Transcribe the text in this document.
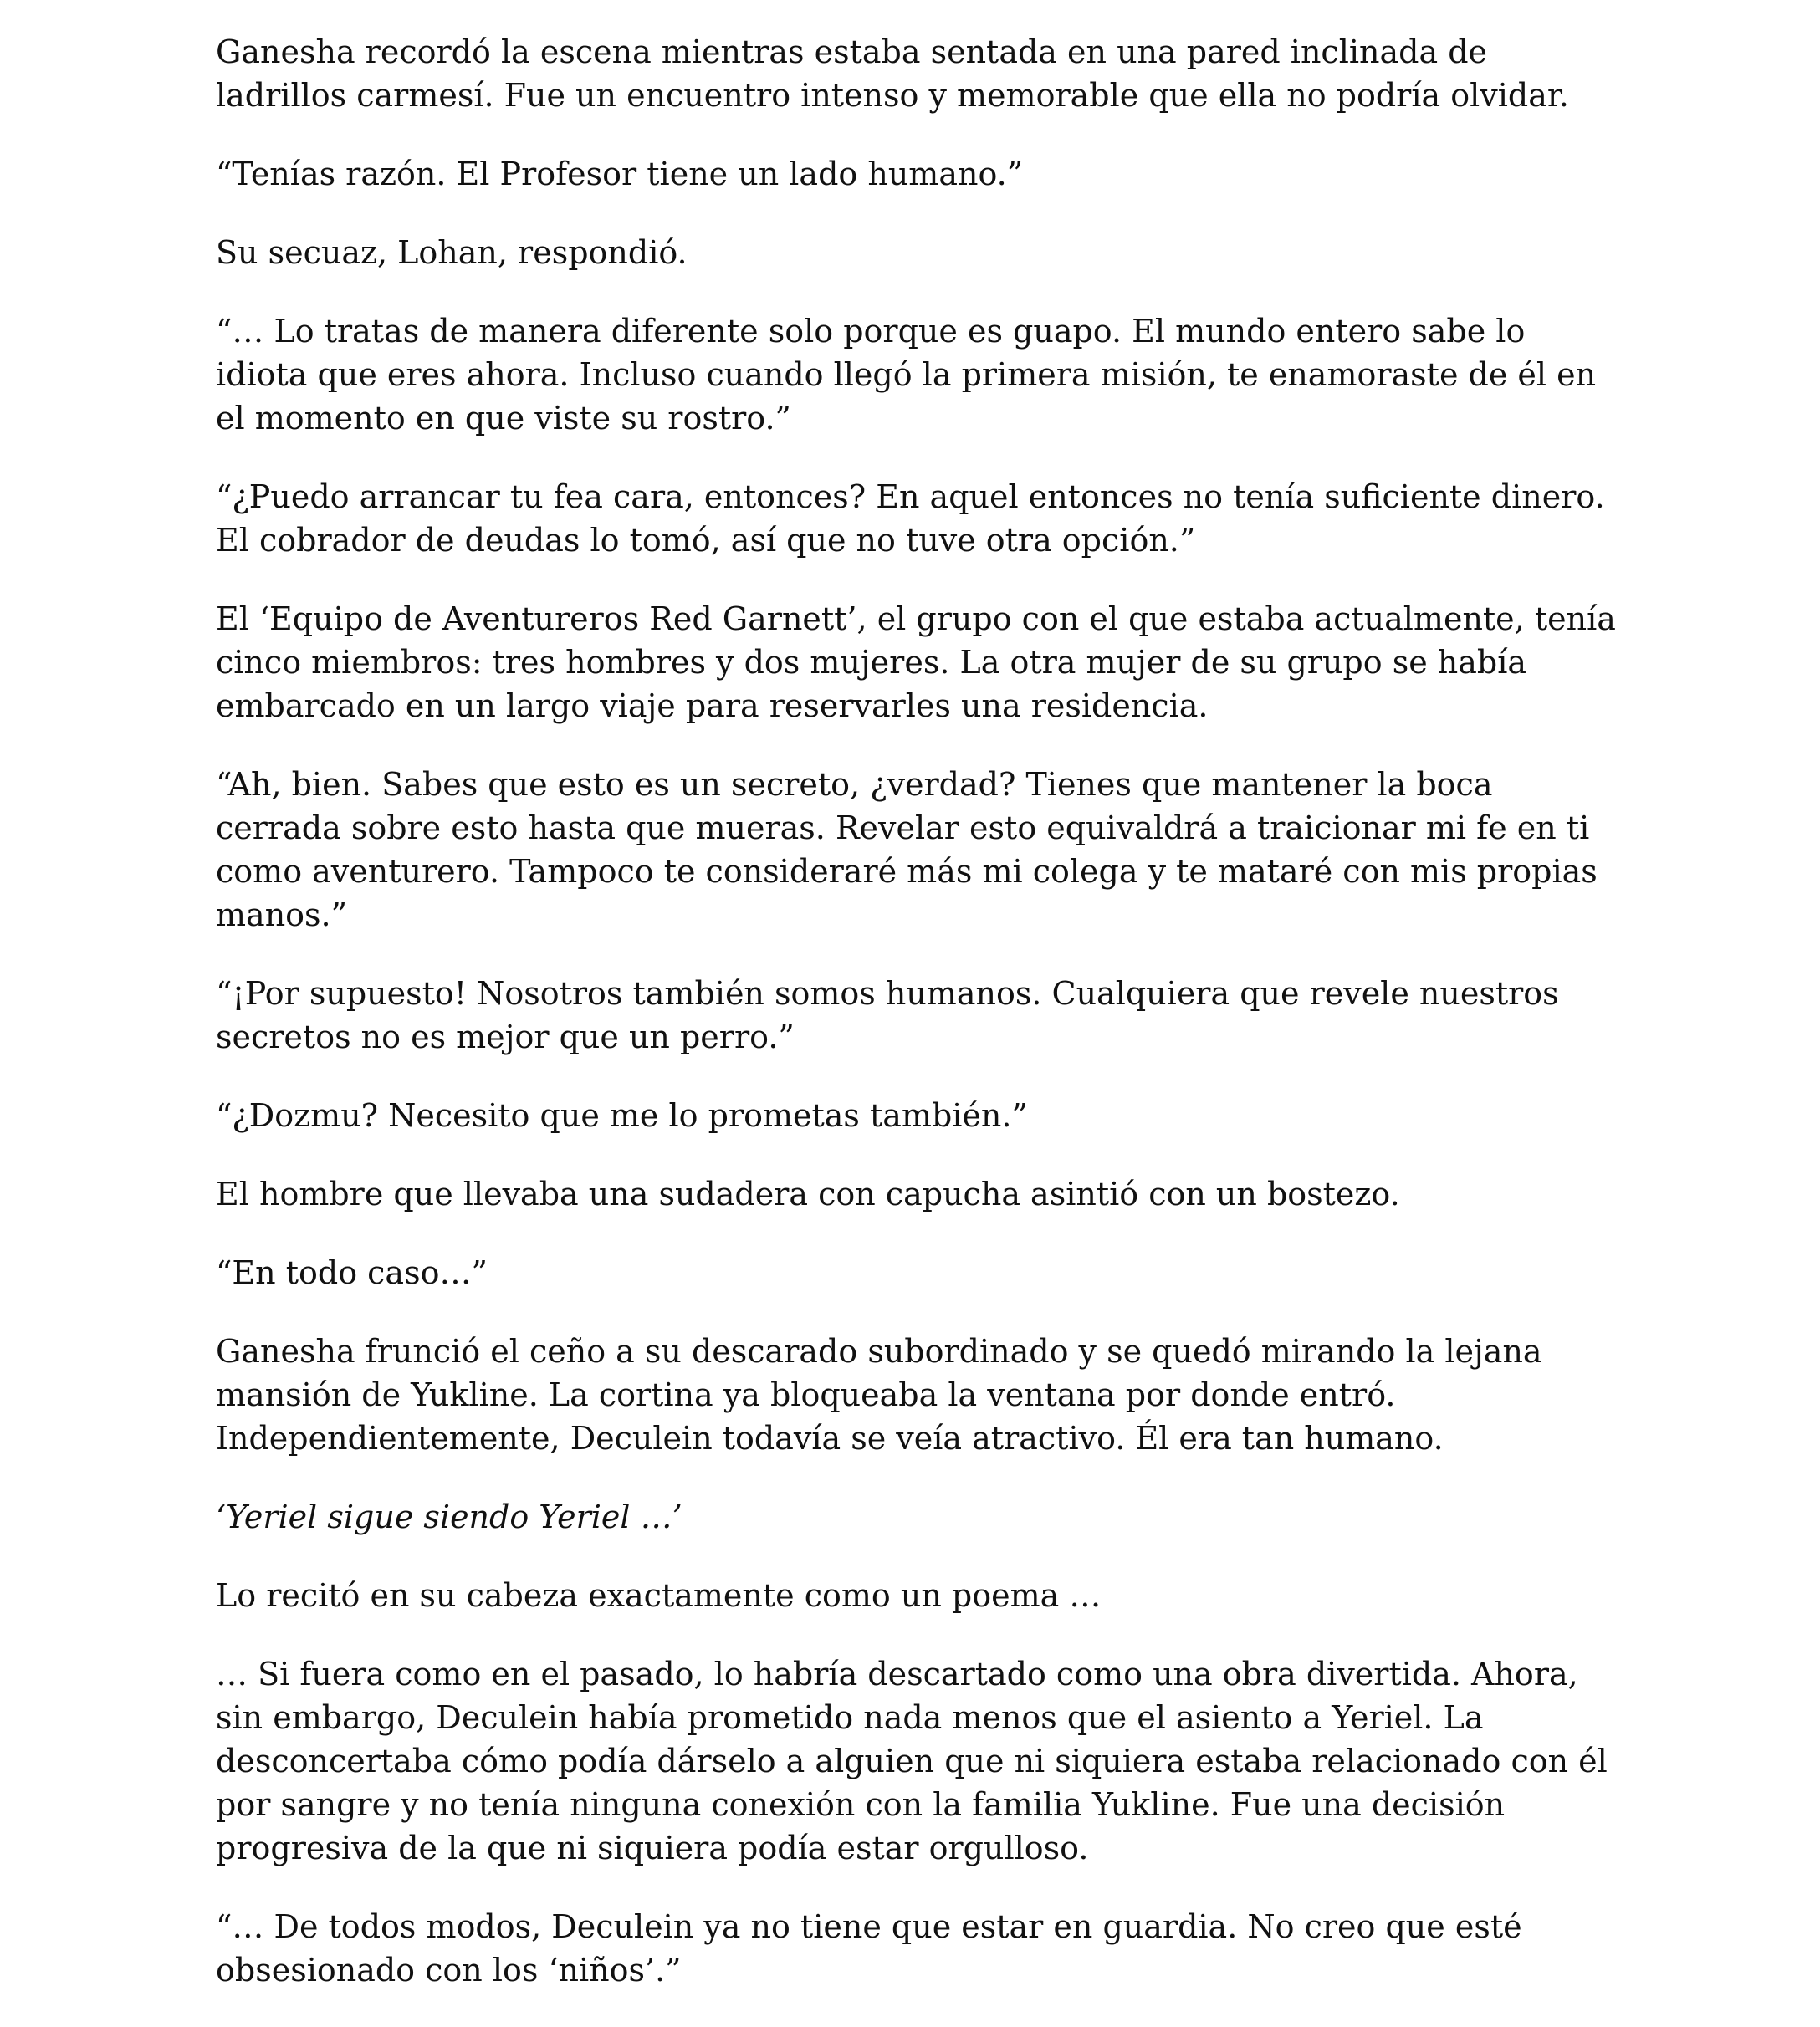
Ganesha recordó la escena mientras estaba sentada en una pared inclinada de ladrillos carmesí. Fue un encuentro intenso y memorable que ella no podría olvidar.

“Tenías razón. El Profesor tiene un lado humano.”

Su secuaz, Lohan, respondió.

“… Lo tratas de manera diferente solo porque es guapo. El mundo entero sabe lo idiota que eres ahora. Incluso cuando llegó la primera misión, te enamoraste de él en el momento en que viste su rostro.”

“¿Puedo arrancar tu fea cara, entonces? En aquel entonces no tenía suficiente dinero. El cobrador de deudas lo tomó, así que no tuve otra opción.”

El ‘Equipo de Aventureros Red Garnett’, el grupo con el que estaba actualmente, tenía cinco miembros: tres hombres y dos mujeres. La otra mujer de su grupo se había embarcado en un largo viaje para reservarles una residencia.

“Ah, bien. Sabes que esto es un secreto, ¿verdad? Tienes que mantener la boca cerrada sobre esto hasta que mueras. Revelar esto equivaldrá a traicionar mi fe en ti como aventurero. Tampoco te consideraré más mi colega y te mataré con mis propias manos.”

“¡Por supuesto! Nosotros también somos humanos. Cualquiera que revele nuestros secretos no es mejor que un perro.”

“¿Dozmu? Necesito que me lo prometas también.”

El hombre que llevaba una sudadera con capucha asintió con un bostezo.

“En todo caso…”

Ganesha frunció el ceño a su descarado subordinado y se quedó mirando la lejana mansión de Yukline. La cortina ya bloqueaba la ventana por donde entró. Independientemente, Deculein todavía se veía atractivo. Él era tan humano.

‘Yeriel sigue siendo Yeriel …’

Lo recitó en su cabeza exactamente como un poema …

… Si fuera como en el pasado, lo habría descartado como una obra divertida. Ahora, sin embargo, Deculein había prometido nada menos que el asiento a Yeriel. La desconcertaba cómo podía dárselo a alguien que ni siquiera estaba relacionado con él por sangre y no tenía ninguna conexión con la familia Yukline. Fue una decisión progresiva de la que ni siquiera podía estar orgulloso.

“… De todos modos, Deculein ya no tiene que estar en guardia. No creo que esté obsesionado con los ‘niños’.”
